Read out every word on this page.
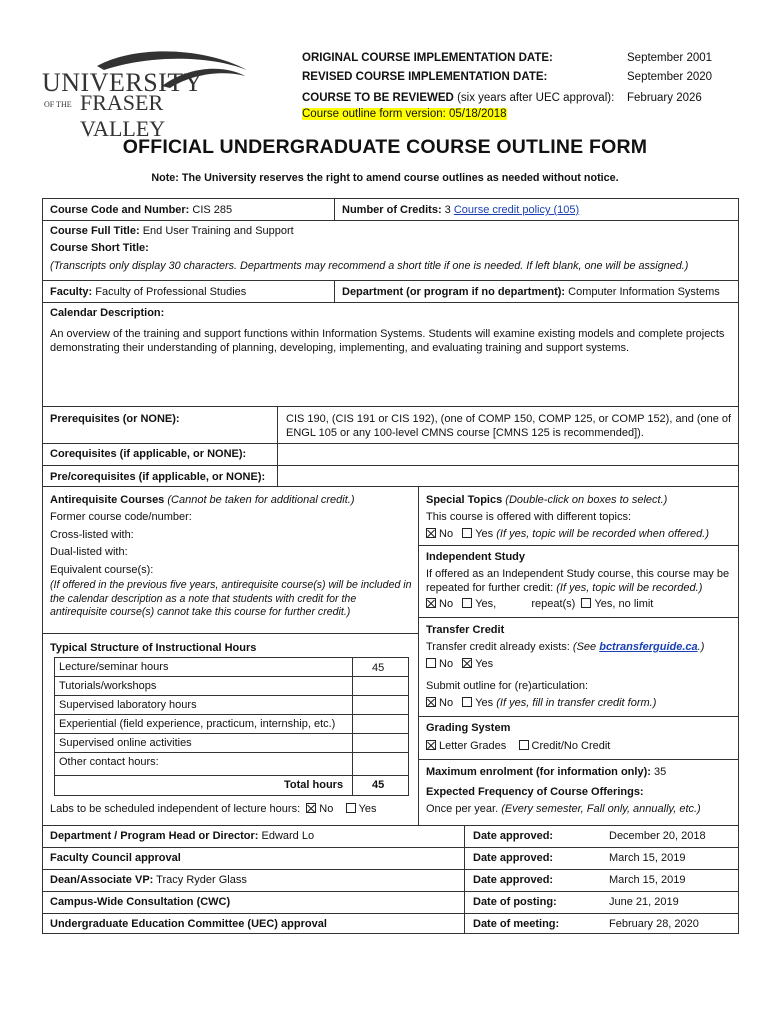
UNIVERSITY
OF THE FRASER VALLEY
ORIGINAL COURSE IMPLEMENTATION DATE:	September 2001
REVISED COURSE IMPLEMENTATION DATE:	September 2020
COURSE TO BE REVIEWED (six years after UEC approval): February 2026
Course outline form version: 05/18/2018
OFFICIAL UNDERGRADUATE COURSE OUTLINE FORM
Note: The University reserves the right to amend course outlines as needed without notice.
Course Code and Number: CIS 285	Number of Credits: 3 Course credit policy (105)
Course Full Title: End User Training and Support
Course Short Title:
(Transcripts only display 30 characters. Departments may recommend a short title if one is needed. If left blank, one will be assigned.)
Faculty: Faculty of Professional Studies	Department (or program if no department): Computer Information Systems
Calendar Description:
An overview of the training and support functions within Information Systems. Students will examine existing models and complete projects demonstrating their understanding of planning, developing, implementing, and evaluating training and support systems.
Prerequisites (or NONE):	CIS 190, (CIS 191 or CIS 192), (one of COMP 150, COMP 125, or COMP 152), and (one of ENGL 105 or any 100-level CMNS course [CMNS 125 is recommended]).
Corequisites (if applicable, or NONE):
Pre/corequisites (if applicable, or NONE):
Antirequisite Courses (Cannot be taken for additional credit.)
Former course code/number:
Cross-listed with:
Dual-listed with:
Equivalent course(s):
(If offered in the previous five years, antirequisite course(s) will be included in the calendar description as a note that students with credit for the antirequisite course(s) cannot take this course for further credit.)
Special Topics (Double-click on boxes to select.)
This course is offered with different topics:
No Yes (If yes, topic will be recorded when offered.)
Independent Study
If offered as an Independent Study course, this course may be repeated for further credit: (If yes, topic will be recorded.)
No Yes,	repeat(s) Yes, no limit
Transfer Credit
Transfer credit already exists: (See bctransferguide.ca.)
No Yes
Submit outline for (re)articulation:
No Yes (If yes, fill in transfer credit form.)
Grading System
Letter Grades Credit/No Credit
Maximum enrolment (for information only): 35
Expected Frequency of Course Offerings:
Once per year. (Every semester, Fall only, annually, etc.)
Typical Structure of Instructional Hours
Lecture/seminar hours	45
Tutorials/workshops
Supervised laboratory hours
Experiential (field experience, practicum, internship, etc.)
Supervised online activities
Other contact hours:
Total hours	45
Labs to be scheduled independent of lecture hours: No Yes
Department / Program Head or Director: Edward Lo	Date approved:	December 20, 2018
Faculty Council approval	Date approved:	March 15, 2019
Dean/Associate VP: Tracy Ryder Glass	Date approved:	March 15, 2019
Campus-Wide Consultation (CWC)	Date of posting:	June 21, 2019
Undergraduate Education Committee (UEC) approval	Date of meeting:	February 28, 2020
